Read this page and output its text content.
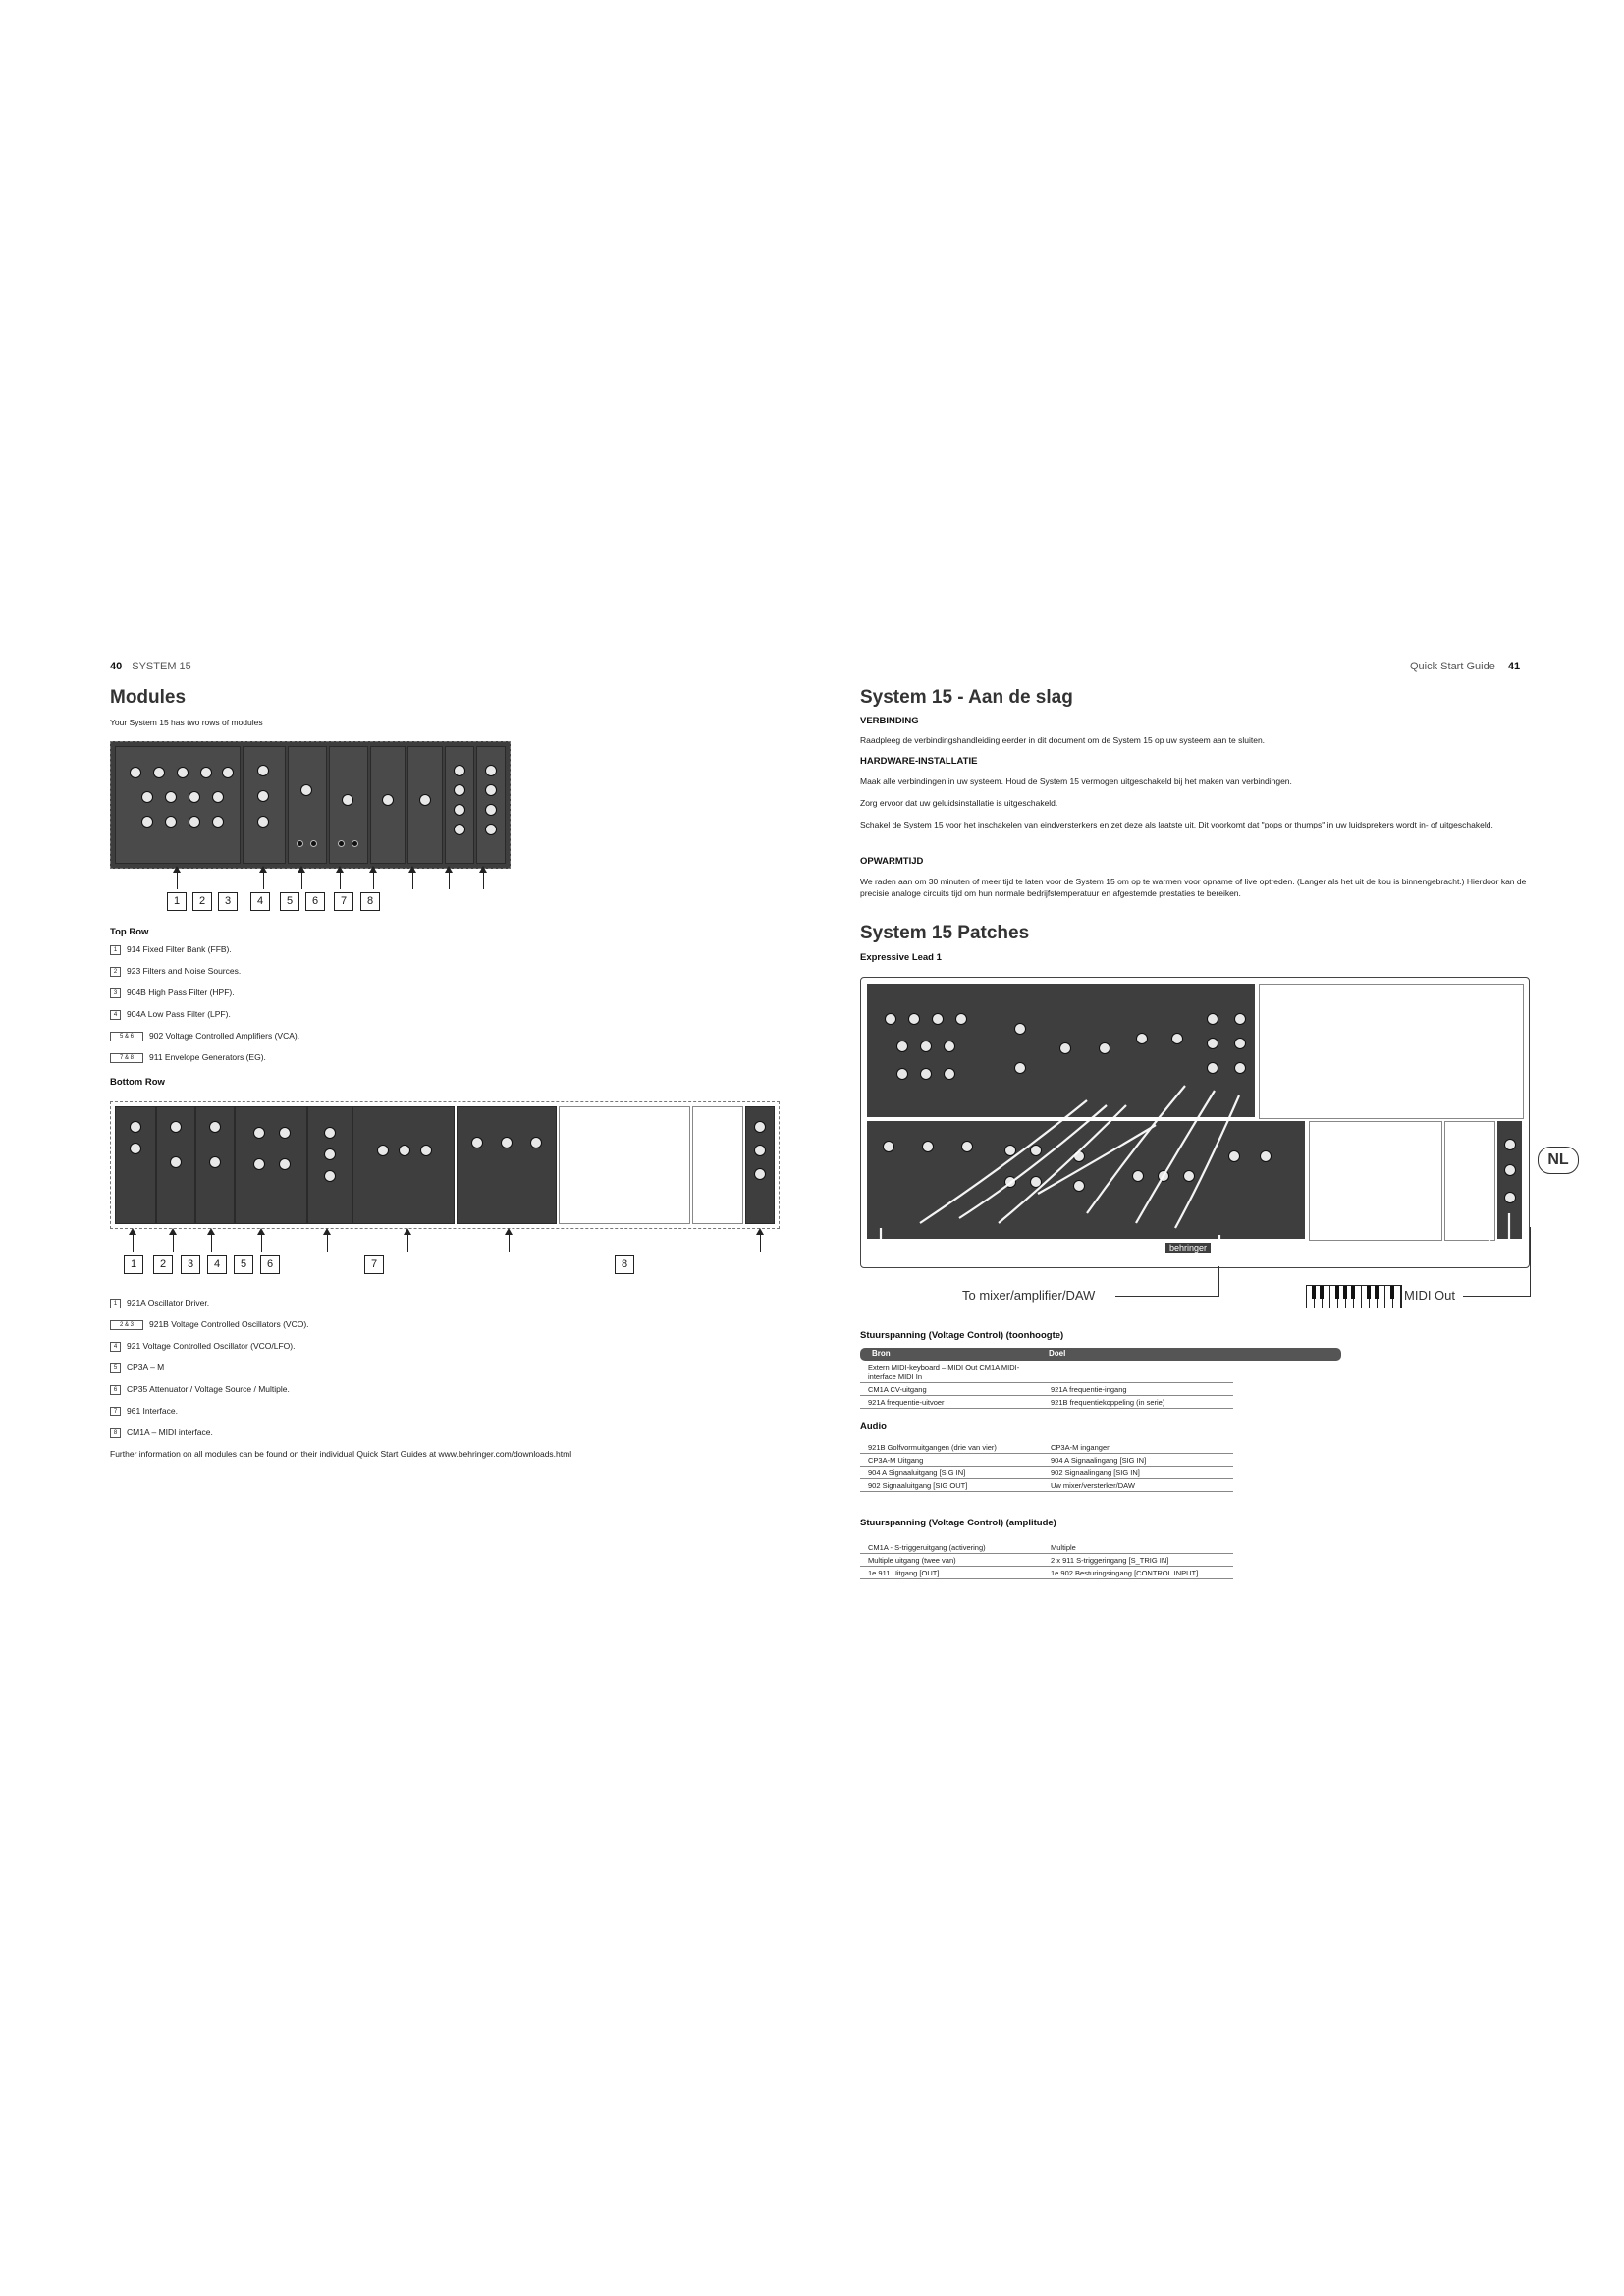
40 SYSTEM 15
Modules
Your System 15 has two rows of modules
1	2	3	4	5	6	7	8
Top Row
1 914 Fixed Filter Bank (FFB).
2 923 Filters and Noise Sources.
3 904B High Pass Filter (HPF).
4 904A Low Pass Filter (LPF).
5 & 6 902 Voltage Controlled Amplifiers (VCA).
7 & 8 911 Envelope Generators (EG).
Bottom Row
1	2	3	4	5	6	7	8
1 921A Oscillator Driver.
2 & 3 921B Voltage Controlled Oscillators (VCO).
4 921 Voltage Controlled Oscillator (VCO/LFO).
5 CP3A – M
6 CP35 Attenuator / Voltage Source / Multiple.
7 961 Interface.
8 CM1A – MIDI interface.
Further information on all modules can be found on their individual Quick Start Guides at www.behringer.com/downloads.html
Quick Start Guide 41
System 15 - Aan de slag
VERBINDING
Raadpleeg de verbindingshandleiding eerder in dit document om de System 15 op uw systeem aan te sluiten.
HARDWARE-INSTALLATIE
Maak alle verbindingen in uw systeem. Houd de System 15 vermogen uitgeschakeld bij het maken van verbindingen.
Zorg ervoor dat uw geluidsinstallatie is uitgeschakeld.
Schakel de System 15 voor het inschakelen van eindversterkers en zet deze als laatste uit. Dit voorkomt dat "pops or thumps" in uw luidsprekers wordt in- of uitgeschakeld.
OPWARMTIJD
We raden aan om 30 minuten of meer tijd te laten voor de System 15 om op te warmen voor opname of live optreden. (Langer als het uit de kou is binnengebracht.) Hierdoor kan de precisie analoge circuits tijd om hun normale bedrijfstemperatuur en afgestemde prestaties te bereiken.
System 15 Patches
Expressive Lead 1
behringer
NL
To mixer/amplifier/DAW	MIDI Out
Stuurspanning (Voltage Control) (toonhoogte)
Bron	Doel
Extern MIDI-keyboard – MIDI Out CM1A MIDI-interface MIDI In	
CM1A CV-uitgang	921A frequentie-ingang
921A frequentie-uitvoer	921B frequentiekoppeling (in serie)
Audio
921B Golfvormuitgangen (drie van vier)	CP3A-M ingangen
CP3A-M Uitgang	904 A Signaalingang [SIG IN]
904 A Signaaluitgang [SIG IN]	902 Signaalingang [SIG IN]
902 Signaaluitgang [SIG OUT]	Uw mixer/versterker/DAW
Stuurspanning (Voltage Control) (amplitude)
CM1A - S-triggeruitgang (activering)	Multiple
Multiple uitgang (twee van)	2 x 911 S-triggeringang [S_TRIG IN]
1e 911 Uitgang [OUT]	1e 902 Besturingsingang [CONTROL INPUT]
